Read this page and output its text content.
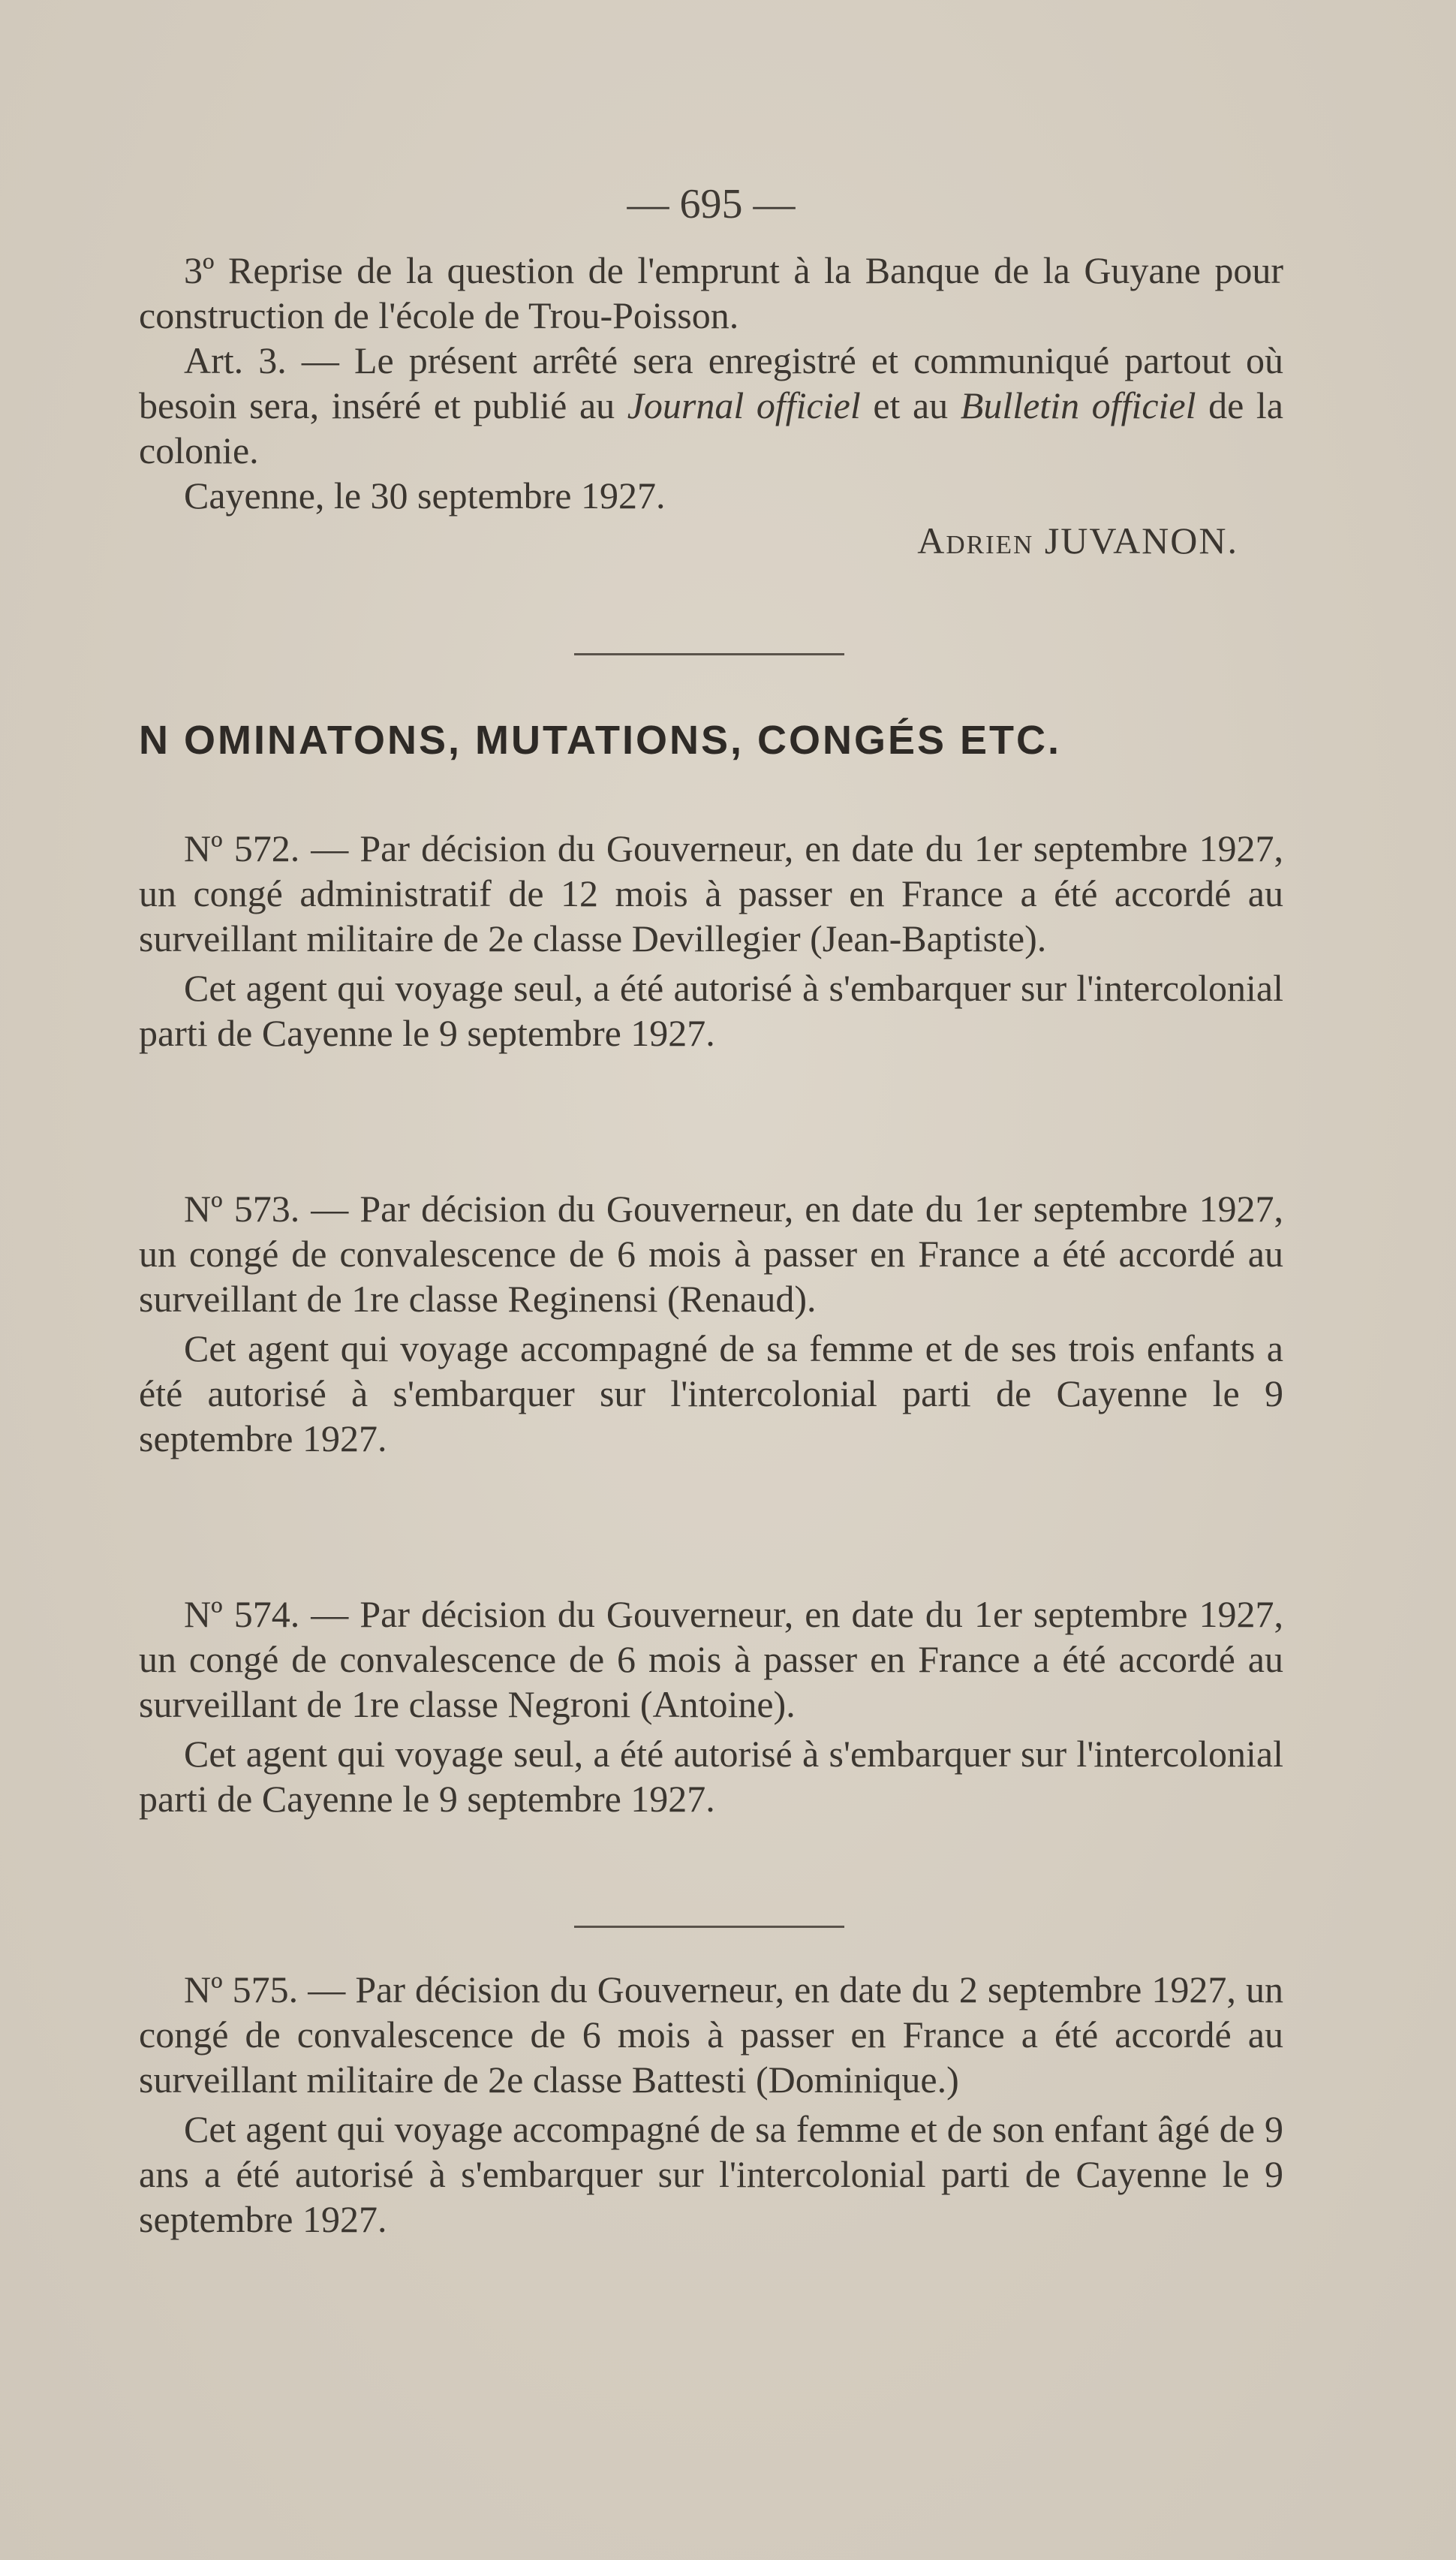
— 695 —

3º Reprise de la question de l'emprunt à la Banque de la Guyane pour construction de l'école de Trou-Poisson.

Art. 3. — Le présent arrêté sera enregistré et communiqué partout où besoin sera, inséré et publié au Journal officiel et au Bulletin officiel de la colonie.

Cayenne, le 30 septembre 1927.

Adrien JUVANON.

N OMINATONS, MUTATIONS, CONGÉS ETC.

Nº 572. — Par décision du Gouverneur, en date du 1er septembre 1927, un congé administratif de 12 mois à passer en France a été accordé au surveillant militaire de 2e classe Devillegier (Jean-Baptiste).

Cet agent qui voyage seul, a été autorisé à s'embarquer sur l'intercolonial parti de Cayenne le 9 septembre 1927.

Nº 573. — Par décision du Gouverneur, en date du 1er septembre 1927, un congé de convalescence de 6 mois à passer en France a été accordé au surveillant de 1re classe Reginensi (Renaud).

Cet agent qui voyage accompagné de sa femme et de ses trois enfants a été autorisé à s'embarquer sur l'intercolonial parti de Cayenne le 9 septembre 1927.

Nº 574. — Par décision du Gouverneur, en date du 1er septembre 1927, un congé de convalescence de 6 mois à passer en France a été accordé au surveillant de 1re classe Negroni (Antoine).

Cet agent qui voyage seul, a été autorisé à s'embarquer sur l'intercolonial parti de Cayenne le 9 septembre 1927.

Nº 575. — Par décision du Gouverneur, en date du 2 septembre 1927, un congé de convalescence de 6 mois à passer en France a été accordé au surveillant militaire de 2e classe Battesti (Dominique.)

Cet agent qui voyage accompagné de sa femme et de son enfant âgé de 9 ans a été autorisé à s'embarquer sur l'intercolonial parti de Cayenne le 9 septembre 1927.
